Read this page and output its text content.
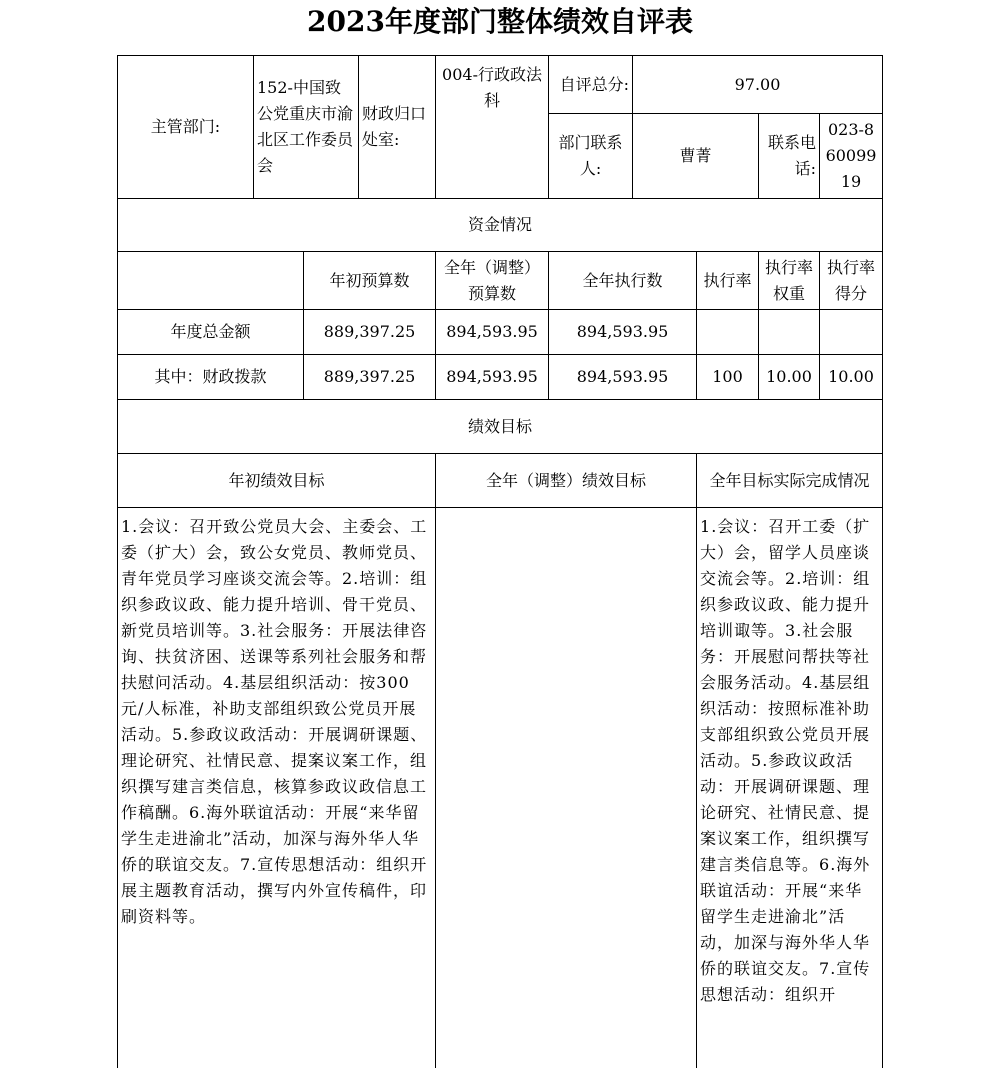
2023年度部门整体绩效自评表
主管部门:	152-中国致公党重庆市渝北区工作委员会		财政归口处室:	004-行政政法科	自评总分:	97.00			
					部门联系人:	曹菁		联系电话:	023-86009919
资金情况									
		年初预算数		全年（调整）预算数	全年执行数		执行率	执行率权重	执行率得分
年度总金额		889,397.25		894,593.95	894,593.95				
其中：财政拨款		889,397.25		894,593.95	894,593.95		100	10.00	10.00
绩效目标									
年初绩效目标				全年（调整）绩效目标			全年目标实际完成情况		
1.会议：召开致公党员大会、主委会、工委（扩大）会，致公女党员、教师党员、青年党员学习座谈交流会等。2.培训：组织参政议政、能力提升培训、骨干党员、新党员培训等。3.社会服务：开展法律咨询、扶贫济困、送课等系列社会服务和帮扶慰问活动。4.基层组织活动：按300元/人标准，补助支部组织致公党员开展活动。5.参政议政活动：开展调研课题、理论研究、社情民意、提案议案工作，组织撰写建言类信息，核算参政议政信息工作稿酬。6.海外联谊活动：开展“来华留学生走进渝北”活动，加深与海外华人华侨的联谊交友。7.宣传思想活动：组织开展主题教育活动，撰写内外宣传稿件，印刷资料等。							1.会议：召开工委（扩大）会，留学人员座谈交流会等。2.培训：组织参政议政、能力提升培训诹等。3.社会服务：开展慰问帮扶等社会服务活动。4.基层组织活动：按照标准补助支部组织致公党员开展活动。5.参政议政活动：开展调研课题、理论研究、社情民意、提案议案工作，组织撰写建言类信息等。6.海外联谊活动：开展“来华留学生走进渝北”活动，加深与海外华人华侨的联谊交友。7.宣传思想活动：组织开		
